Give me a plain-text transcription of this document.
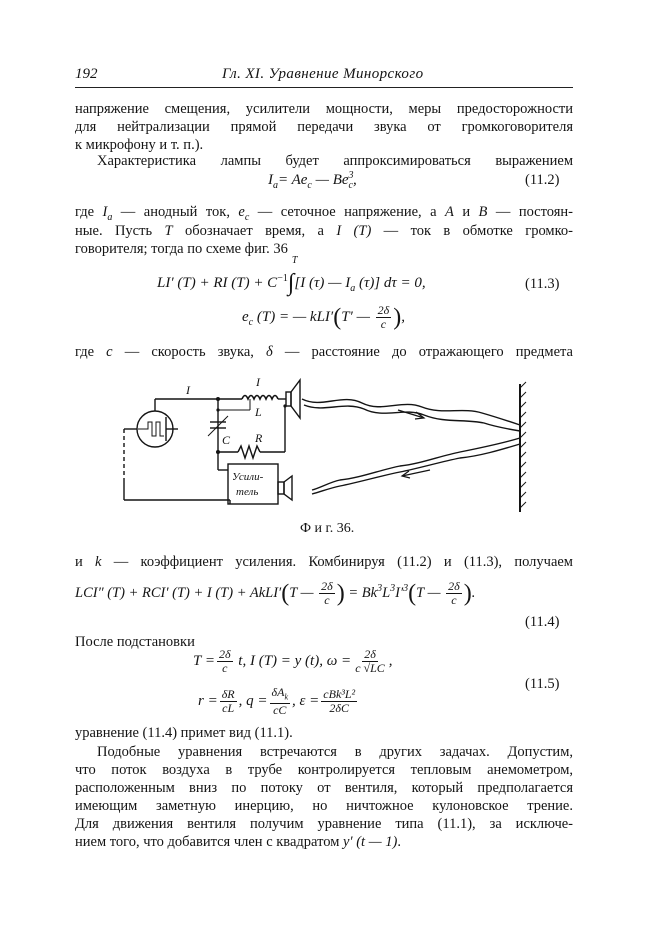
192	Гл. XI. Уравнение Минорского
напряжение смещения, усилители мощности, меры предосторожности
для нейтрализации прямой передачи звука от громкоговорителя
к микрофону и т. п.).
Характеристика лампы будет аппроксимироваться выражением
$I_a= Ae_c$ — $Be^3_c$,	(11.2)
где $I_a$ — анодный ток, $e_c$ — сеточное напряжение, а A и B — постоян-
ные. Пусть T обозначает время, а I (T) — ток в обмотке громко-
говорителя; тогда по схеме фиг. 36
LI′ (T) + RI $(T) + C^{-1}\int$
T
[I (τ) — $I_a$ (τ)] dτ = 0,	(11.3)
$e_c$ (T) = — kLI′(T′ — $\frac{2\delta}{c}$ ),
где c — скорость звука, δ — расстояние до отражающего предмета
I
I
L
C R
Усили-
тель
Ф и г. 36.
и k — коэффициент усиления. Комбинируя (11.2) и (11.3), получаем
LCI″ (T) + RCI′ (T) + I (T) + AkLI′(T — $\frac{2\delta}{c}$ ) = $Bk^3L^3I'^3(T$ — $\frac{2\delta}{c}$ ).
(11.4)
После подстановки
$T = \frac{2\delta}{c} t$, I (T) = y (t), $\omega = \frac{2\delta}{c √LC}$ ,
$r = \frac{\delta R}{cL}$ , $q = \frac{\delta A_k}{cC}$ , $\varepsilon = \frac{\text{cBk³L²}}{2\delta C}$
(11.5)
уравнение (11.4) примет вид (11.1).
Подобные уравнения встречаются в других задачах. Допустим,
что поток воздуха в трубе контролируется тепловым анемометром,
расположенным вниз по потоку от вентиля, который предполагается
имеющим заметную инерцию, но ничтожное кулоновское трение.
Для движения вентиля получим уравнение типа (11.1), за исключе-
нием того, что добавится член с квадратом y′ (t — 1).
